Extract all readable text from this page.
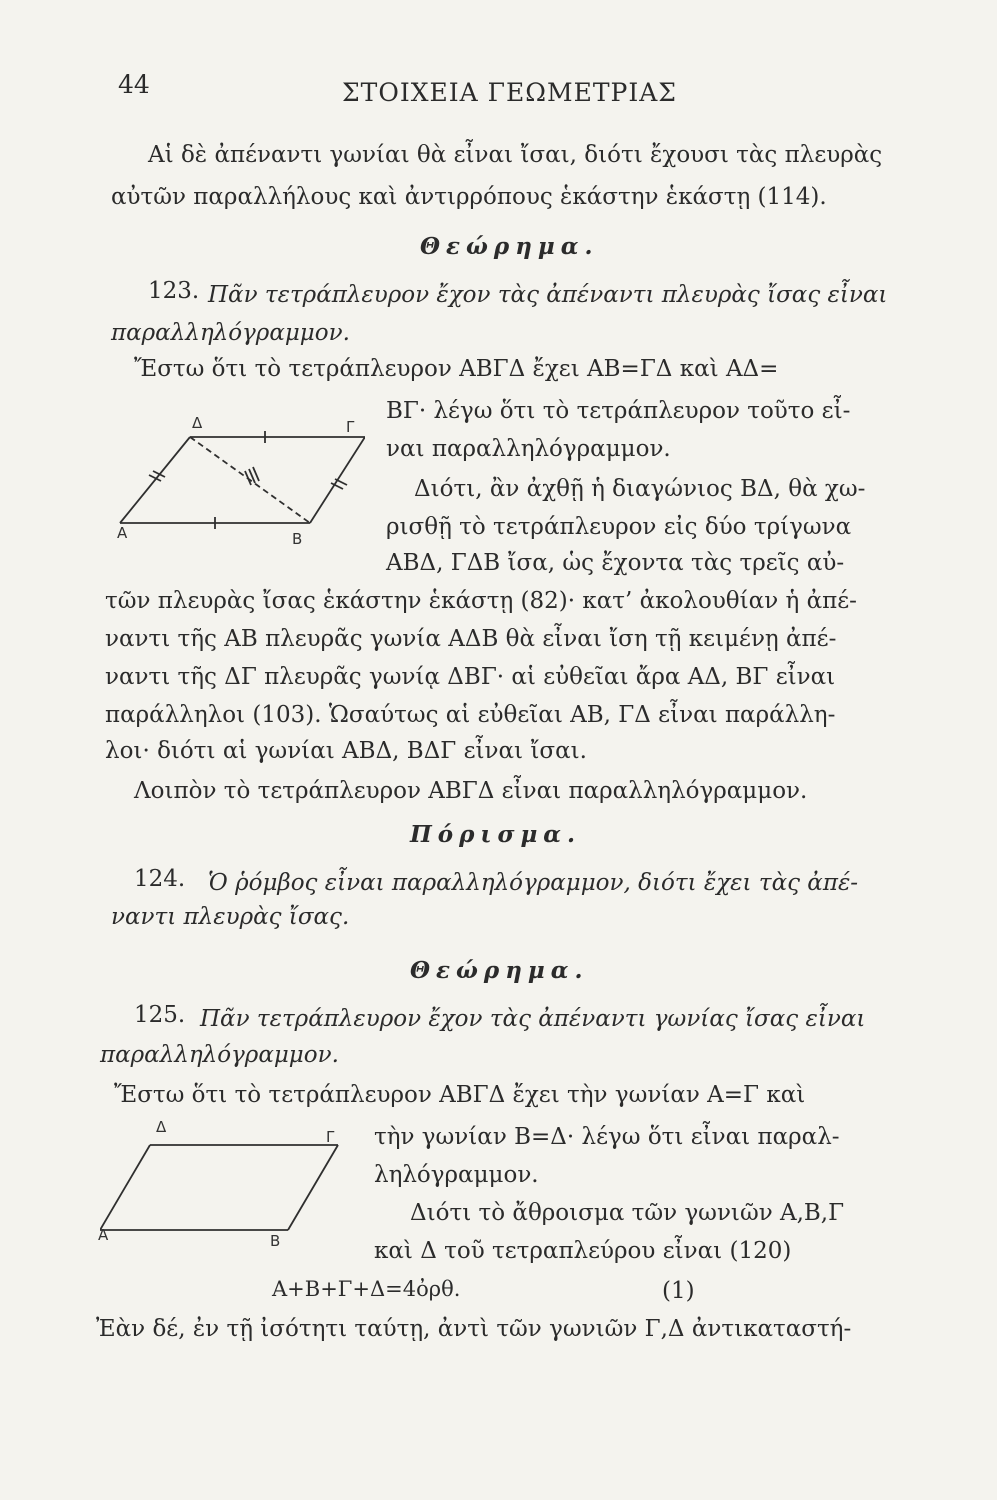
44	ΣΤΟΙΧΕΙΑ ΓΕΩΜΕΤΡΙΑΣ
Αἱ δὲ ἀπέναντι γωνίαι θὰ εἶναι ἴσαι, διότι ἔχουσι τὰς πλευρὰς
αὐτῶν παραλλήλους καὶ ἀντιρρόπους ἑκάστην ἑκάστῃ (114).
Θεώρημα.
123. Πᾶν τετράπλευρον ἔχον τὰς ἀπέναντι πλευρὰς ἴσας εἶναι
παραλληλόγραμμον.
Ἔστω ὅτι τὸ τετράπλευρον ΑΒΓΔ ἔχει ΑΒ=ΓΔ καὶ ΑΔ=
ΒΓ· λέγω ὅτι τὸ τετράπλευρον τοῦτο εἶ-
ναι παραλληλόγραμμον.
Διότι, ἂν ἀχθῇ ἡ διαγώνιος ΒΔ, θὰ χω-
ρισθῇ τὸ τετράπλευρον εἰς δύο τρίγωνα
ΑΒΔ, ΓΔΒ ἴσα, ὡς ἔχοντα τὰς τρεῖς αὐ-
τῶν πλευρὰς ἴσας ἑκάστην ἑκάστῃ (82)· κατ’ ἀκολουθίαν ἡ ἀπέ-
ναντι τῆς ΑΒ πλευρᾶς γωνία ΑΔΒ θὰ εἶναι ἴση τῇ κειμένῃ ἀπέ-
ναντι τῆς ΔΓ πλευρᾶς γωνίᾳ ΔΒΓ· αἱ εὐθεῖαι ἄρα ΑΔ, ΒΓ εἶναι
παράλληλοι (103). Ὡσαύτως αἱ εὐθεῖαι ΑΒ, ΓΔ εἶναι παράλλη-
λοι· διότι αἱ γωνίαι ΑΒΔ, ΒΔΓ εἶναι ἴσαι.
Λοιπὸν τὸ τετράπλευρον ΑΒΓΔ εἶναι παραλληλόγραμμον.
Δ	Γ
A	B
Πόρισμα.
124. Ὁ ῥόμβος εἶναι παραλληλόγραμμον, διότι ἔχει τὰς ἀπέ-
ναντι πλευρὰς ἴσας.
Θεώρημα.
125. Πᾶν τετράπλευρον ἔχον τὰς ἀπέναντι γωνίας ἴσας εἶναι
παραλληλόγραμμον.
Ἔστω ὅτι τὸ τετράπλευρον ΑΒΓΔ ἔχει τὴν γωνίαν Α=Γ καὶ
τὴν γωνίαν Β=Δ· λέγω ὅτι εἶναι παραλ-
ληλόγραμμον.
Διότι τὸ ἄθροισμα τῶν γωνιῶν Α,Β,Γ
καὶ Δ τοῦ τετραπλεύρου εἶναι (120)
Α+Β+Γ+Δ=4ὀρθ.	(1)
Ἐὰν δέ, ἐν τῇ ἰσότητι ταύτῃ, ἀντὶ τῶν γωνιῶν Γ,Δ ἀντικαταστή-
Δ
Γ
A	B
